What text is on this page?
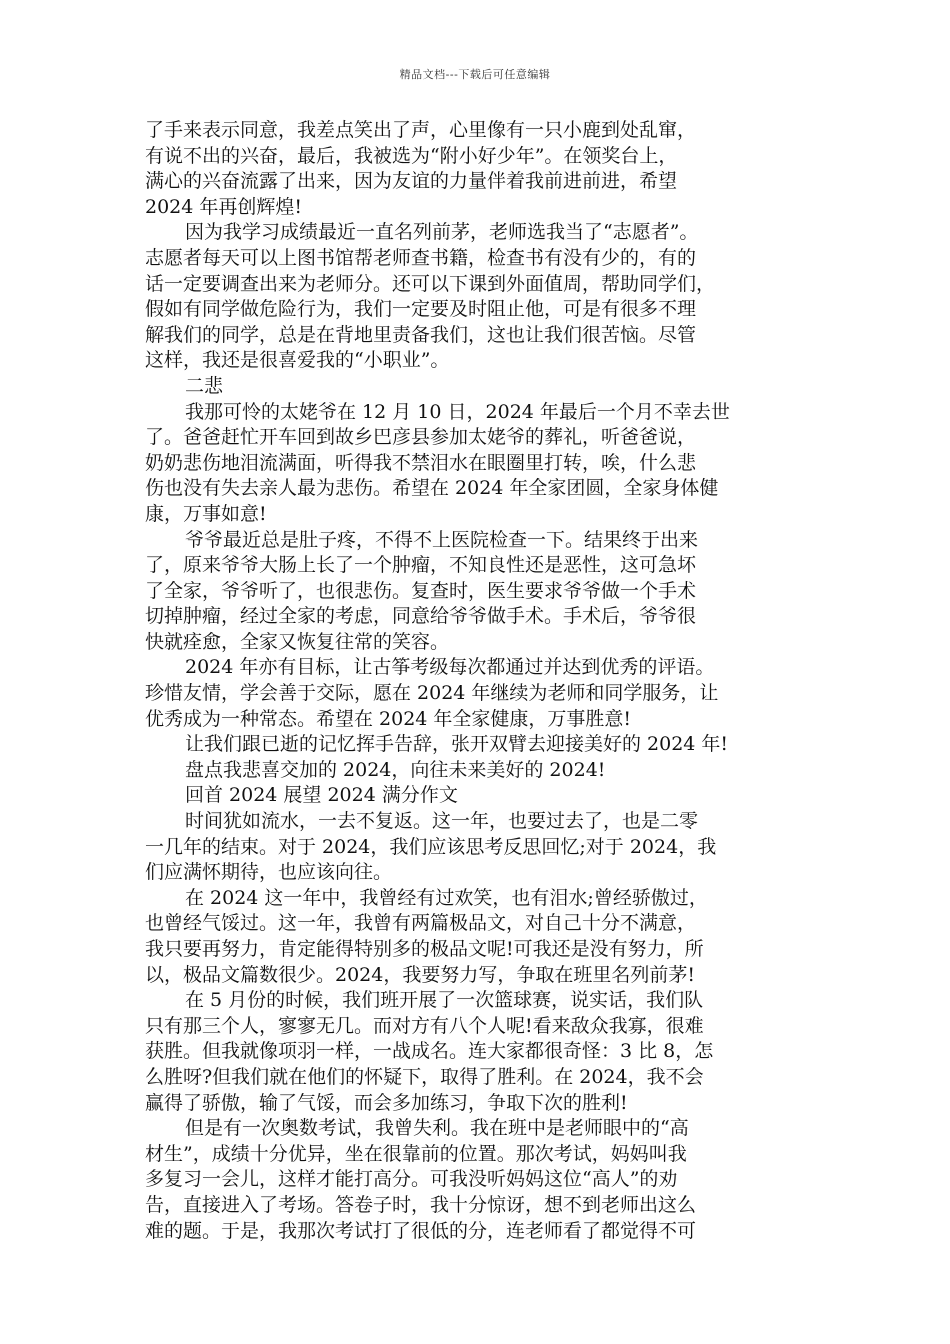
精品文档---下载后可任意编辑
了手来表示同意，我差点笑出了声，心里像有一只小鹿到处乱窜，
有说不出的兴奋，最后，我被选为“附小好少年”。在领奖台上，
满心的兴奋流露了出来，因为友谊的力量伴着我前进前进，希望
2024 年再创辉煌!
因为我学习成绩最近一直名列前茅，老师选我当了“志愿者”。
志愿者每天可以上图书馆帮老师查书籍，检查书有没有少的，有的
话一定要调查出来为老师分。还可以下课到外面值周，帮助同学们，
假如有同学做危险行为，我们一定要及时阻止他，可是有很多不理
解我们的同学，总是在背地里责备我们，这也让我们很苦恼。尽管
这样，我还是很喜爱我的“小职业”。
二悲
我那可怜的太姥爷在 12 月 10 日，2024 年最后一个月不幸去世
了。爸爸赶忙开车回到故乡巴彦县参加太姥爷的葬礼，听爸爸说，
奶奶悲伤地泪流满面，听得我不禁泪水在眼圈里打转，唉，什么悲
伤也没有失去亲人最为悲伤。希望在 2024 年全家团圆，全家身体健
康，万事如意!
爷爷最近总是肚子疼，不得不上医院检查一下。结果终于出来
了，原来爷爷大肠上长了一个肿瘤，不知良性还是恶性，这可急坏
了全家，爷爷听了，也很悲伤。复查时，医生要求爷爷做一个手术
切掉肿瘤，经过全家的考虑，同意给爷爷做手术。手术后，爷爷很
快就痊愈，全家又恢复往常的笑容。
2024 年亦有目标，让古筝考级每次都通过并达到优秀的评语。
珍惜友情，学会善于交际，愿在 2024 年继续为老师和同学服务，让
优秀成为一种常态。希望在 2024 年全家健康，万事胜意!
让我们跟已逝的记忆挥手告辞，张开双臂去迎接美好的 2024 年!
盘点我悲喜交加的 2024，向往未来美好的 2024!
回首 2024 展望 2024 满分作文
时间犹如流水，一去不复返。这一年，也要过去了，也是二零
一几年的结束。对于 2024，我们应该思考反思回忆;对于 2024，我
们应满怀期待，也应该向往。
在 2024 这一年中，我曾经有过欢笑，也有泪水;曾经骄傲过，
也曾经气馁过。这一年，我曾有两篇极品文，对自己十分不满意，
我只要再努力，肯定能得特别多的极品文呢!可我还是没有努力，所
以，极品文篇数很少。2024，我要努力写，争取在班里名列前茅!
在 5 月份的时候，我们班开展了一次篮球赛，说实话，我们队
只有那三个人，寥寥无几。而对方有八个人呢!看来敌众我寡，很难
获胜。但我就像项羽一样，一战成名。连大家都很奇怪：3 比 8，怎
么胜呀?但我们就在他们的怀疑下，取得了胜利。在 2024，我不会
赢得了骄傲，输了气馁，而会多加练习，争取下次的胜利!
但是有一次奥数考试，我曾失利。我在班中是老师眼中的“高
材生”，成绩十分优异，坐在很靠前的位置。那次考试，妈妈叫我
多复习一会儿，这样才能打高分。可我没听妈妈这位“高人”的劝
告，直接进入了考场。答卷子时，我十分惊讶，想不到老师出这么
难的题。于是，我那次考试打了很低的分，连老师看了都觉得不可
